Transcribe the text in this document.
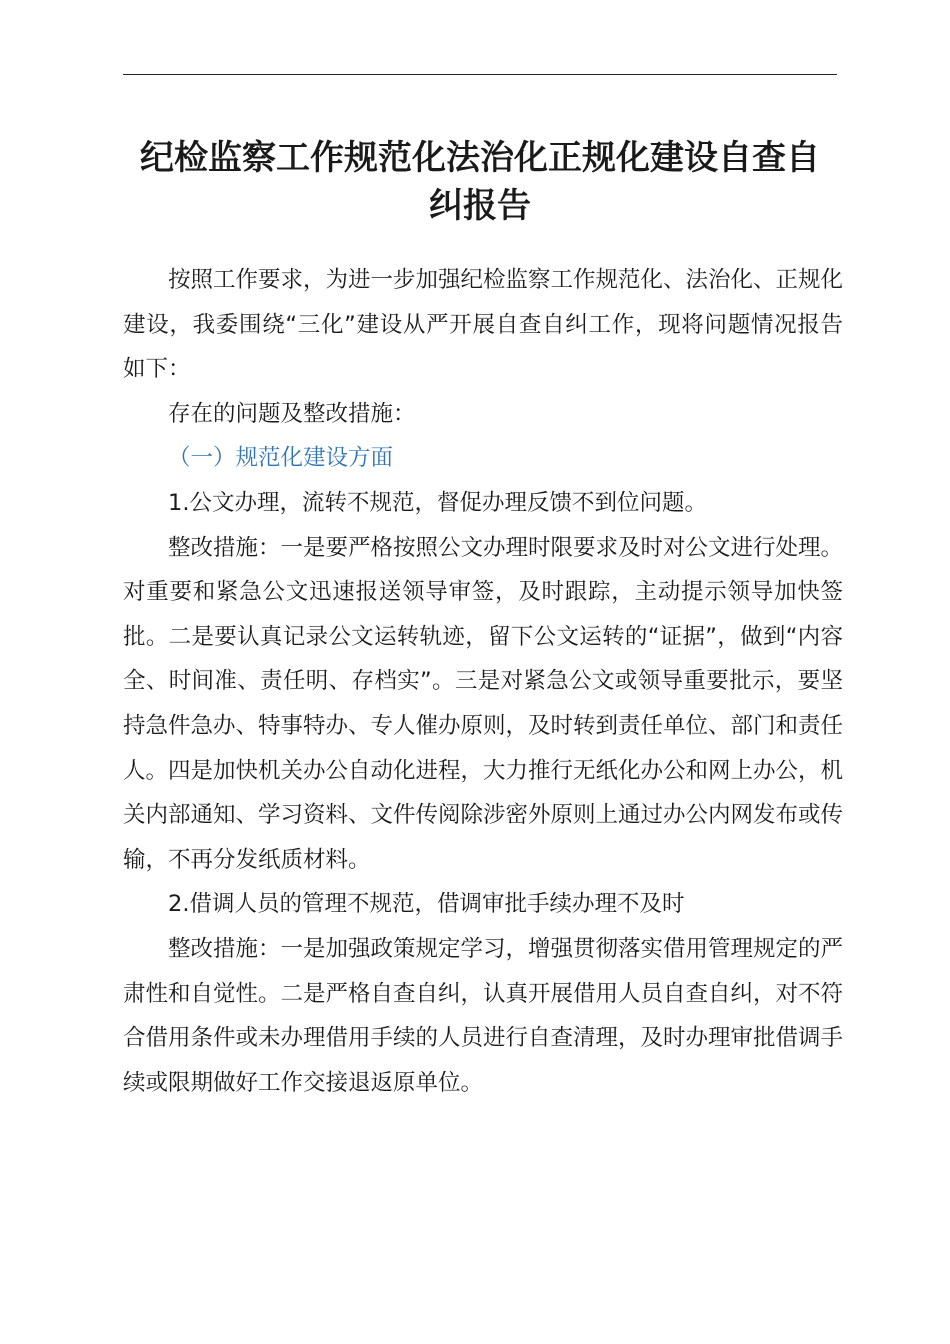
纪检监察工作规范化法治化正规化建设自查自
纠报告

按照工作要求，为进一步加强纪检监察工作规范化、法治化、正规化建设，我委围绕“三化”建设从严开展自查自纠工作，现将问题情况报告如下：

存在的问题及整改措施：

（一）规范化建设方面

1.公文办理，流转不规范，督促办理反馈不到位问题。

整改措施：一是要严格按照公文办理时限要求及时对公文进行处理。对重要和紧急公文迅速报送领导审签，及时跟踪，主动提示领导加快签批。二是要认真记录公文运转轨迹，留下公文运转的“证据”，做到“内容全、时间准、责任明、存档实”。三是对紧急公文或领导重要批示，要坚持急件急办、特事特办、专人催办原则，及时转到责任单位、部门和责任人。四是加快机关办公自动化进程，大力推行无纸化办公和网上办公，机关内部通知、学习资料、文件传阅除涉密外原则上通过办公内网发布或传输，不再分发纸质材料。

2.借调人员的管理不规范，借调审批手续办理不及时

整改措施：一是加强政策规定学习，增强贯彻落实借用管理规定的严肃性和自觉性。二是严格自查自纠，认真开展借用人员自查自纠，对不符合借用条件或未办理借用手续的人员进行自查清理，及时办理审批借调手续或限期做好工作交接退返原单位。
